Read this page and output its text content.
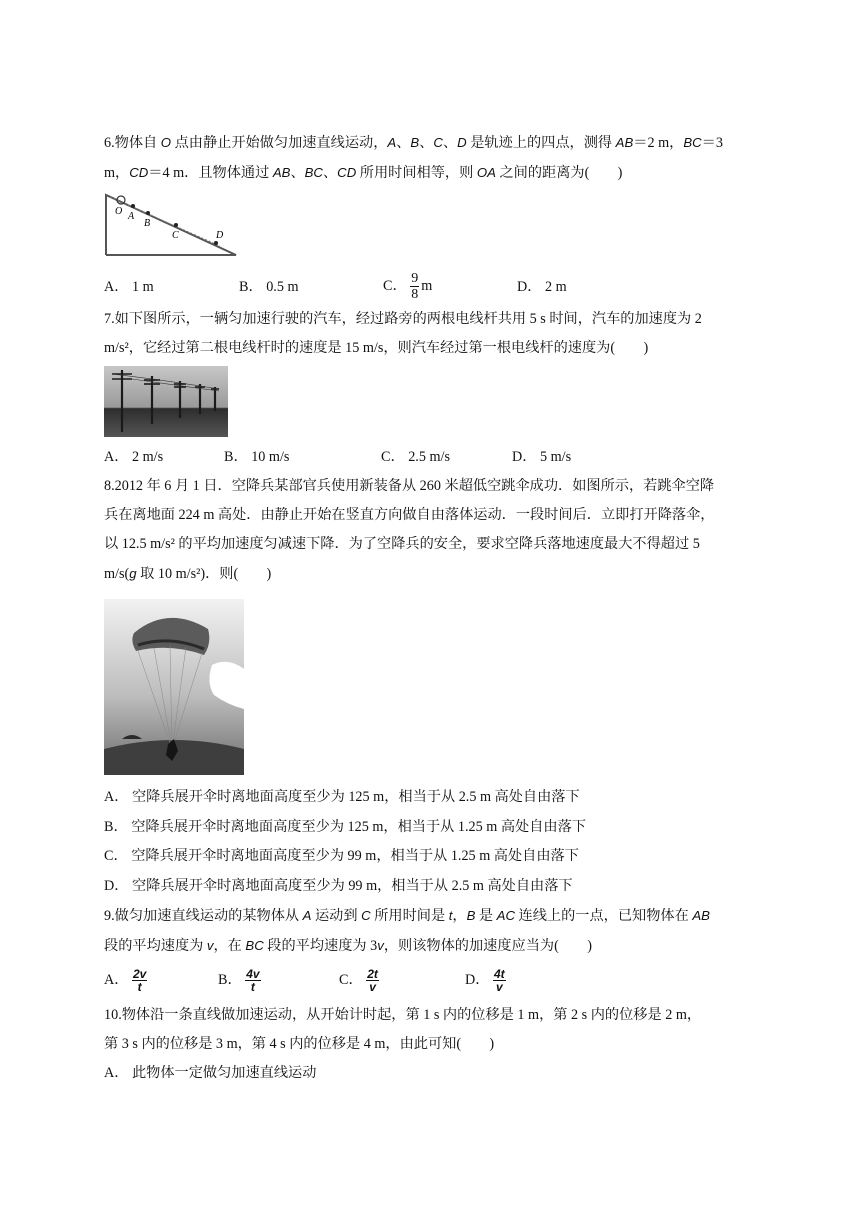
6.物体自 O 点由静止开始做匀加速直线运动，A、B、C、D 是轨迹上的四点，测得 AB＝2 m，BC＝3

m，CD＝4 m．且物体通过 AB、BC、CD 所用时间相等，则 OA 之间的距离为(　　)

O A
B
C	D
A． 1 m	B． 0.5 m	C． $\frac{9}{8}$ m	D． 2 m

7.如下图所示，一辆匀加速行驶的汽车，经过路旁的两根电线杆共用 5 s 时间，汽车的加速度为 2

m/s²，它经过第二根电线杆时的速度是 15 m/s，则汽车经过第一根电线杆的速度为(　　)

A． 2 m/s	B． 10 m/s	C． 2.5 m/s	D． 5 m/s

8.2012 年 6 月 1 日．空降兵某部官兵使用新装备从 260 米超低空跳伞成功．如图所示，若跳伞空降

兵在离地面 224 m 高处．由静止开始在竖直方向做自由落体运动．一段时间后．立即打开降落伞，

以 12.5 m/s² 的平均加速度匀减速下降．为了空降兵的安全，要求空降兵落地速度最大不得超过 5

m/s(g 取 10 m/s²)．则(　　)

A． 空降兵展开伞时离地面高度至少为 125 m，相当于从 2.5 m 高处自由落下

B． 空降兵展开伞时离地面高度至少为 125 m，相当于从 1.25 m 高处自由落下

C． 空降兵展开伞时离地面高度至少为 99 m，相当于从 1.25 m 高处自由落下

D． 空降兵展开伞时离地面高度至少为 99 m，相当于从 2.5 m 高处自由落下

9.做匀加速直线运动的某物体从 A 运动到 C 所用时间是 t，B 是 AC 连线上的一点，已知物体在 AB

段的平均速度为 v，在 BC 段的平均速度为 3v，则该物体的加速度应当为(　　)

A． $\frac{2v}{t}$	B． $\frac{4v}{t}$	C． $\frac{2t}{v}$	D． $\frac{4t}{v}$

10.物体沿一条直线做加速运动，从开始计时起，第 1 s 内的位移是 1 m，第 2 s 内的位移是 2 m，

第 3 s 内的位移是 3 m，第 4 s 内的位移是 4 m，由此可知(　　)

A． 此物体一定做匀加速直线运动
